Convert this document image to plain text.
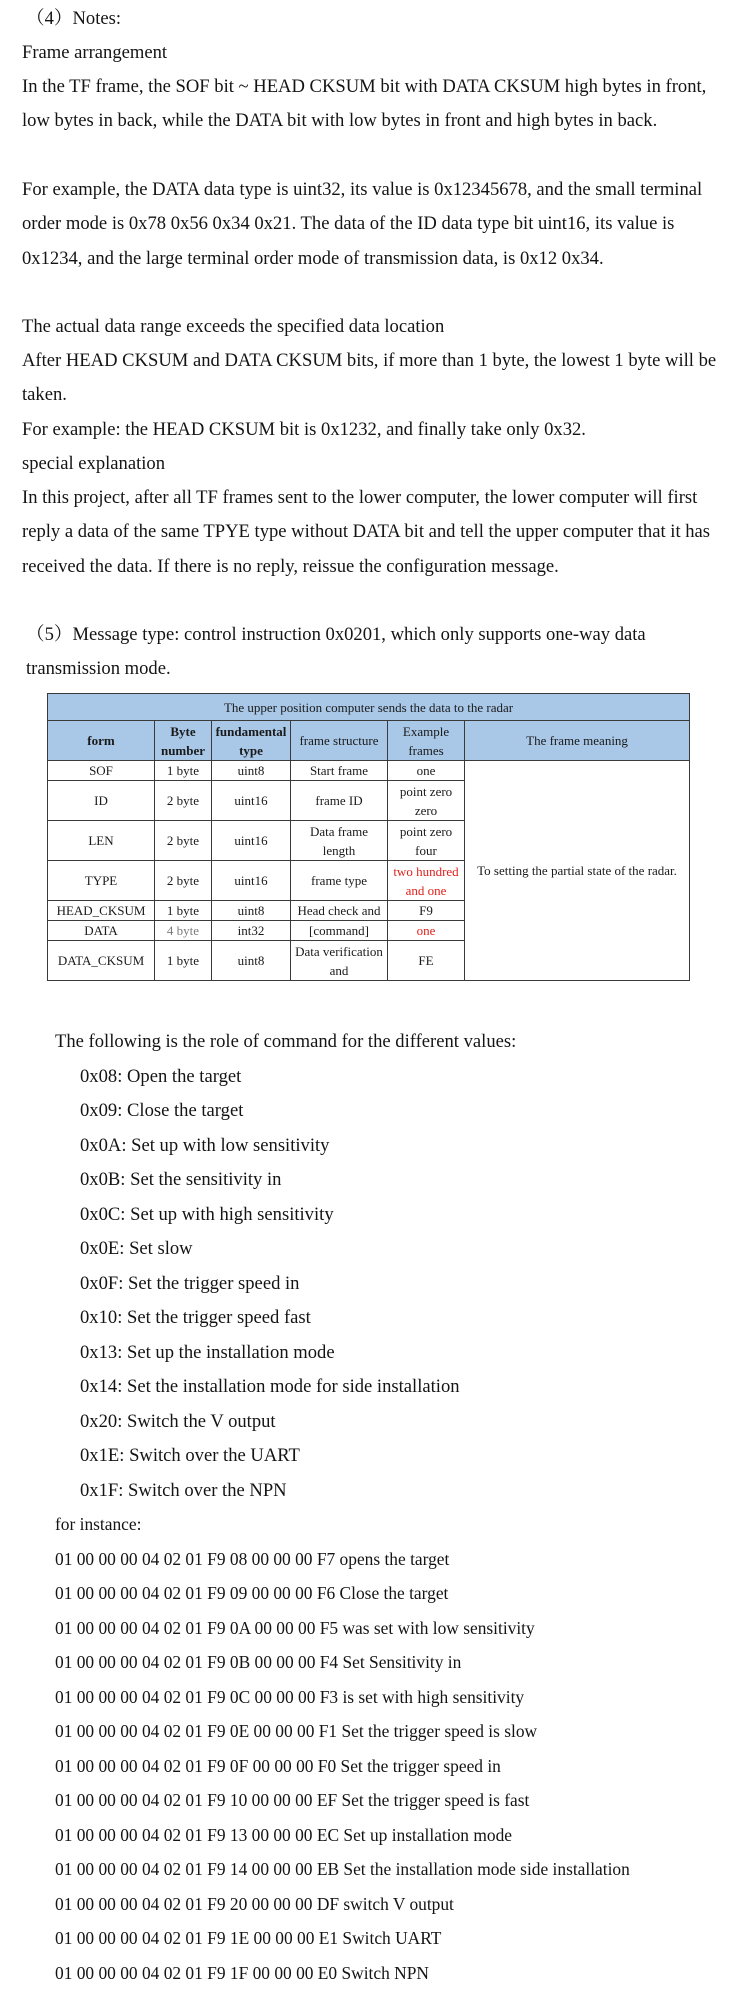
（4）Notes:

Frame arrangement

In the TF frame, the SOF bit ~ HEAD CKSUM bit with DATA CKSUM high bytes in front, low bytes in back, while the DATA bit with low bytes in front and high bytes in back.

For example, the DATA data type is uint32, its value is 0x12345678, and the small terminal order mode is 0x78 0x56 0x34 0x21. The data of the ID data type bit uint16, its value is 0x1234, and the large terminal order mode of transmission data, is 0x12 0x34.

The actual data range exceeds the specified data location

After HEAD CKSUM and DATA CKSUM bits, if more than 1 byte, the lowest 1 byte will be taken.

For example: the HEAD CKSUM bit is 0x1232, and finally take only 0x32.

special explanation

In this project, after all TF frames sent to the lower computer, the lower computer will first reply a data of the same TPYE type without DATA bit and tell the upper computer that it has received the data. If there is no reply, reissue the configuration message.

（5）Message type: control instruction 0x0201, which only supports one-way data transmission mode.

The upper position computer sends the data to the radar					
form	Byte number	fundamental type	frame structure	Example frames	The frame meaning
SOF	1 byte	uint8	Start frame	one	To setting the partial state of the radar.
ID	2 byte	uint16	frame ID	point zero zero	
LEN	2 byte	uint16	Data frame length	point zero four	
TYPE	2 byte	uint16	frame type	two hundred and one	
HEAD_CKSUM	1 byte	uint8	Head check and	F9	
DATA	4 byte	int32	[command]	one	
DATA_CKSUM	1 byte	uint8	Data verification and	FE	

The following is the role of command for the different values:

0x08: Open the target

0x09: Close the target

0x0A: Set up with low sensitivity

0x0B: Set the sensitivity in

0x0C: Set up with high sensitivity

0x0E: Set slow

0x0F: Set the trigger speed in

0x10: Set the trigger speed fast

0x13: Set up the installation mode

0x14: Set the installation mode for side installation

0x20: Switch the V output

0x1E: Switch over the UART

0x1F: Switch over the NPN

for instance:

01 00 00 00 04 02 01 F9 08 00 00 00 F7 opens the target

01 00 00 00 04 02 01 F9 09 00 00 00 F6 Close the target

01 00 00 00 04 02 01 F9 0A 00 00 00 F5 was set with low sensitivity

01 00 00 00 04 02 01 F9 0B 00 00 00 F4 Set Sensitivity in

01 00 00 00 04 02 01 F9 0C 00 00 00 F3 is set with high sensitivity

01 00 00 00 04 02 01 F9 0E 00 00 00 F1 Set the trigger speed is slow

01 00 00 00 04 02 01 F9 0F 00 00 00 F0 Set the trigger speed in

01 00 00 00 04 02 01 F9 10 00 00 00 EF Set the trigger speed is fast

01 00 00 00 04 02 01 F9 13 00 00 00 EC Set up installation mode

01 00 00 00 04 02 01 F9 14 00 00 00 EB Set the installation mode side installation

01 00 00 00 04 02 01 F9 20 00 00 00 DF switch V output

01 00 00 00 04 02 01 F9 1E 00 00 00 E1 Switch UART

01 00 00 00 04 02 01 F9 1F 00 00 00 E0 Switch NPN
